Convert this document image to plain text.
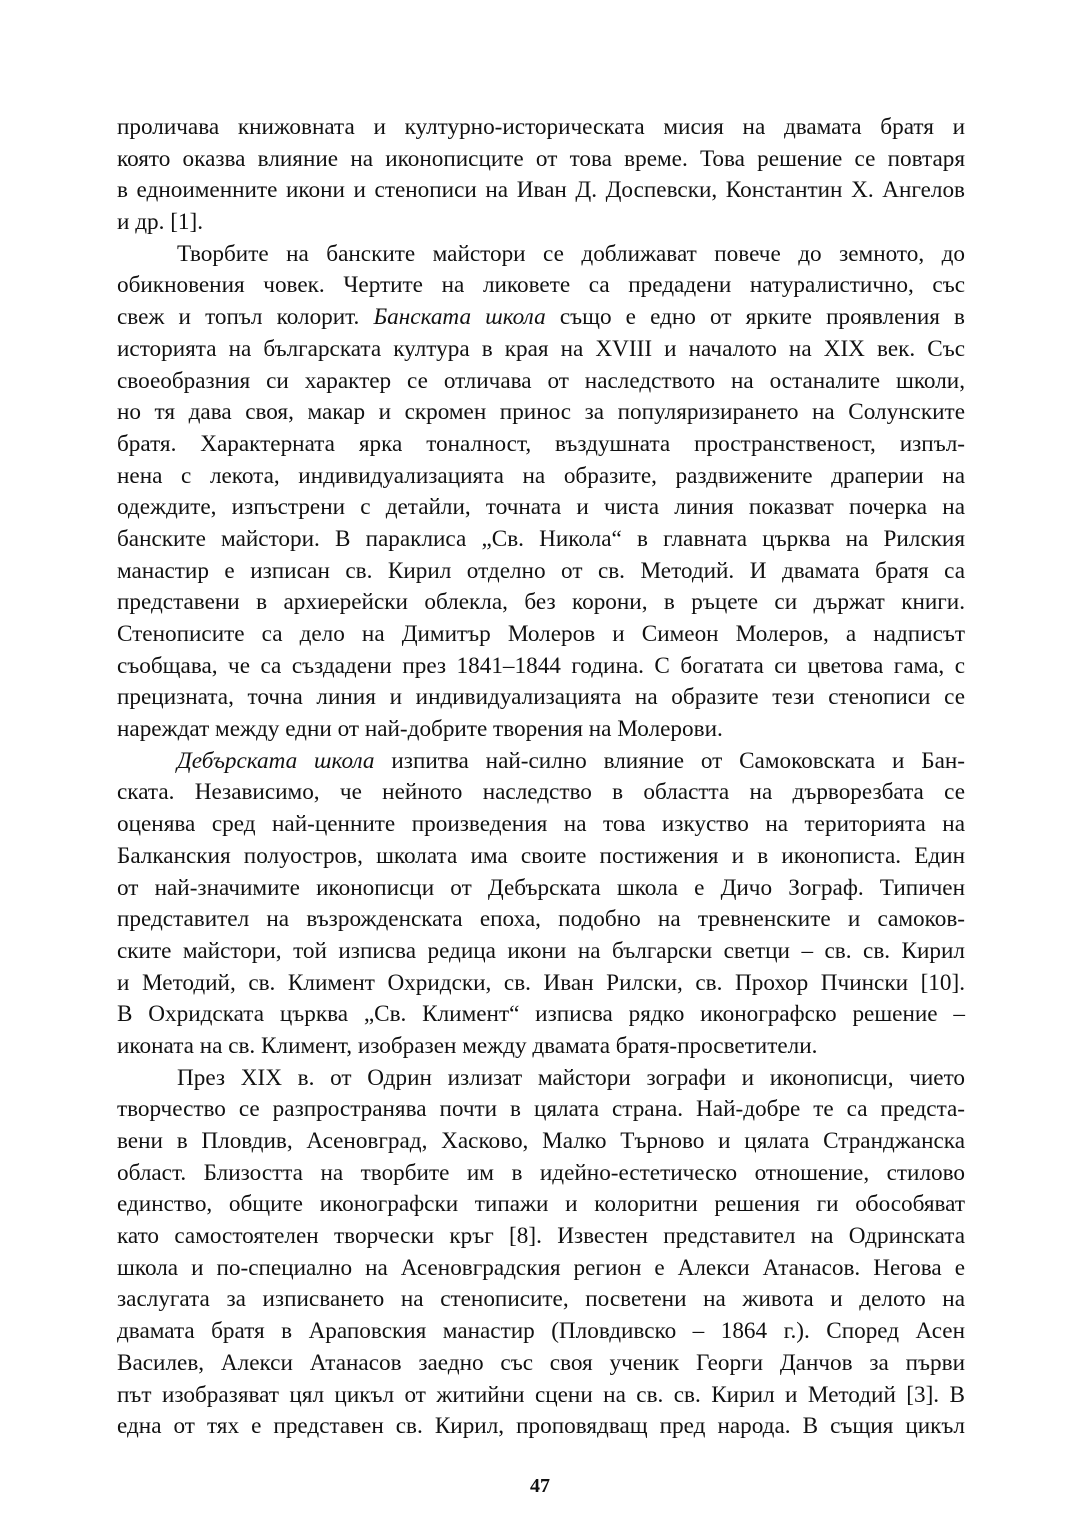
проличава книжовната и културно-историческата мисия на двамата братя и
която оказва влияние на иконописците от това време. Това решение се повтаря
в едноименните икони и стенописи на Иван Д. Доспевски, Константин Х. Ангелов
и др. [1].
Творбите на банските майстори се доближават повече до земното, до
обикновения човек. Чертите на ликовете са предадени натуралистично, със
свеж и топъл колорит. Банската школа също е едно от ярките проявления в
историята на българската култура в края на XVIII и началото на XIX век. Със
своеобразния си характер се отличава от наследството на останалите школи,
но тя дава своя, макар и скромен принос за популяризирането на Солунските
братя. Характерната ярка тоналност, въздушната пространственост, изпъл-
нена с лекота, индивидуализацията на образите, раздвижените драперии на
одеждите, изпъстрени с детайли, точната и чиста линия показват почерка на
банските майстори. В параклиса „Св. Никола“ в главната църква на Рилския
манастир е изписан св. Кирил отделно от св. Методий. И двамата братя са
представени в архиерейски облекла, без корони, в ръцете си държат книги.
Стенописите са дело на Димитър Молеров и Симеон Молеров, а надписът
съобщава, че са създадени през 1841–1844 година. С богатата си цветова гама, с
прецизната, точна линия и индивидуализацията на образите тези стенописи се
нареждат между едни от най-добрите творения на Молерови.
Дебърската школа изпитва най-силно влияние от Самоковската и Бан-
ската. Независимо, че нейното наследство в областта на дърворезбата се
оценява сред най-ценните произведения на това изкуство на територията на
Балканския полуостров, школата има своите постижения и в иконописта. Един
от най-значимите иконописци от Дебърската школа е Дичо Зограф. Типичен
представител на възрожденската епоха, подобно на тревненските и самоков-
ските майстори, той изписва редица икони на български светци – св. св. Кирил
и Методий, св. Климент Охридски, св. Иван Рилски, св. Прохор Пчински [10].
В Охридската църква „Св. Климент“ изписва рядко иконографско решение –
иконата на св. Климент, изобразен между двамата братя-просветители.
През XIX в. от Одрин излизат майстори зографи и иконописци, чието
творчество се разпространява почти в цялата страна. Най-добре те са предста-
вени в Пловдив, Асеновград, Хасково, Малко Търново и цялата Странджанска
област. Близостта на творбите им в идейно-естетическо отношение, стилово
единство, общите иконографски типажи и колоритни решения ги обособяват
като самостоятелен творчески кръг [8]. Известен представител на Одринската
школа и по-специално на Асеновградския регион е Алекси Атанасов. Негова е
заслугата за изписването на стенописите, посветени на живота и делото на
двамата братя в Араповския манастир (Пловдивско – 1864 г.). Според Асен
Василев, Алекси Атанасов заедно със своя ученик Георги Данчов за първи
път изобразяват цял цикъл от житийни сцени на св. св. Кирил и Методий [3]. В
една от тях е представен св. Кирил, проповядващ пред народа. В същия цикъл
47
